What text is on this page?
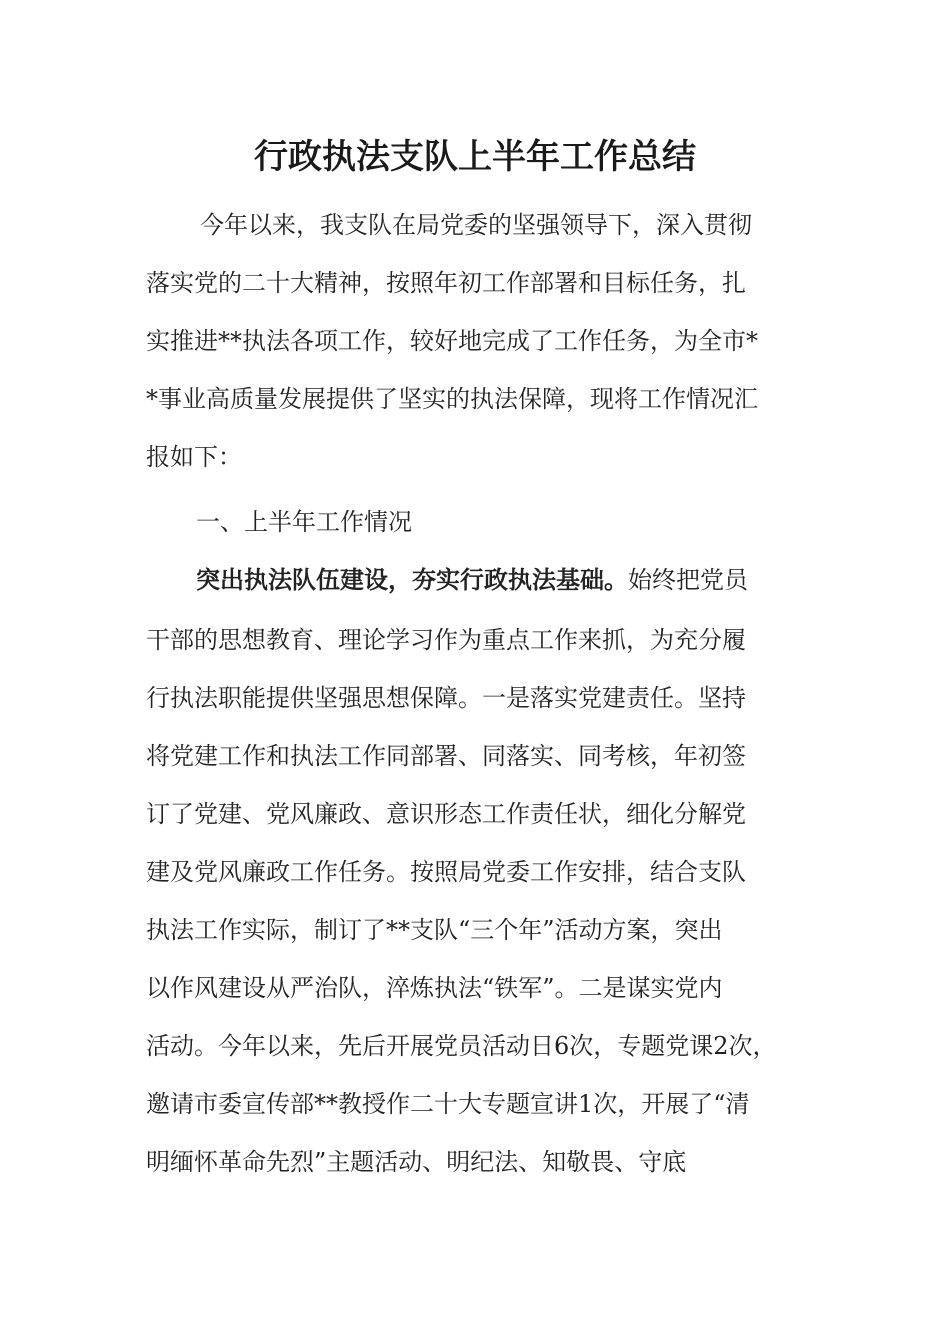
行政执法支队上半年工作总结
今年以来，我支队在局党委的坚强领导下，深入贯彻
落实党的二十大精神，按照年初工作部署和目标任务，扎
实推进**执法各项工作，较好地完成了工作任务，为全市*
*事业高质量发展提供了坚实的执法保障，现将工作情况汇
报如下：
一、上半年工作情况
突出执法队伍建设，夯实行政执法基础。始终把党员
干部的思想教育、理论学习作为重点工作来抓，为充分履
行执法职能提供坚强思想保障。一是落实党建责任。坚持
将党建工作和执法工作同部署、同落实、同考核，年初签
订了党建、党风廉政、意识形态工作责任状，细化分解党
建及党风廉政工作任务。按照局党委工作安排，结合支队
执法工作实际，制订了**支队“三个年”活动方案，突出
以作风建设从严治队，淬炼执法“铁军”。二是谋实党内
活动。今年以来，先后开展党员活动日6次，专题党课2次，
邀请市委宣传部**教授作二十大专题宣讲1次，开展了“清
明缅怀革命先烈”主题活动、明纪法、知敬畏、守底
